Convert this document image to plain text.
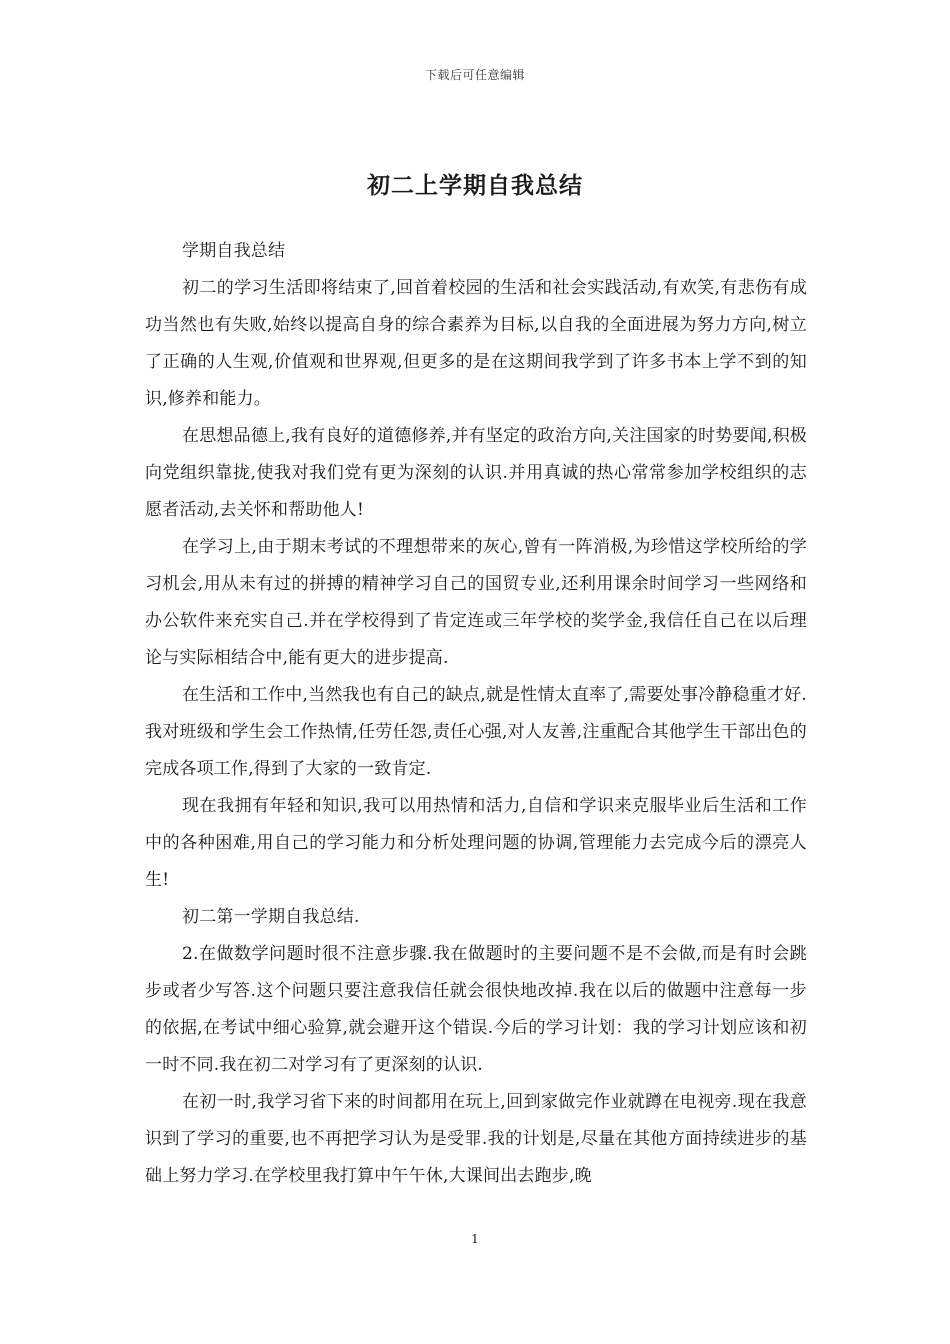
下载后可任意编辑
初二上学期自我总结

学期自我总结

初二的学习生活即将结束了,回首着校园的生活和社会实践活动,有欢笑,有悲伤有成功当然也有失败,始终以提高自身的综合素养为目标,以自我的全面进展为努力方向,树立了正确的人生观,价值观和世界观,但更多的是在这期间我学到了许多书本上学不到的知识,修养和能力。

在思想品德上,我有良好的道德修养,并有坚定的政治方向,关注国家的时势要闻,积极向党组织靠拢,使我对我们党有更为深刻的认识.并用真诚的热心常常参加学校组织的志愿者活动,去关怀和帮助他人!

在学习上,由于期末考试的不理想带来的灰心,曾有一阵消极,为珍惜这学校所给的学习机会,用从未有过的拼搏的精神学习自己的国贸专业,还利用课余时间学习一些网络和办公软件来充实自己.并在学校得到了肯定连或三年学校的奖学金,我信任自己在以后理论与实际相结合中,能有更大的进步提高.

在生活和工作中,当然我也有自己的缺点,就是性情太直率了,需要处事冷静稳重才好.我对班级和学生会工作热情,任劳任怨,责任心强,对人友善,注重配合其他学生干部出色的完成各项工作,得到了大家的一致肯定.

现在我拥有年轻和知识,我可以用热情和活力,自信和学识来克服毕业后生活和工作中的各种困难,用自己的学习能力和分析处理问题的协调,管理能力去完成今后的漂亮人生!

初二第一学期自我总结.

2.在做数学问题时很不注意步骤.我在做题时的主要问题不是不会做,而是有时会跳步或者少写答.这个问题只要注意我信任就会很快地改掉.我在以后的做题中注意每一步的依据,在考试中细心验算,就会避开这个错误.今后的学习计划：我的学习计划应该和初一时不同.我在初二对学习有了更深刻的认识.

在初一时,我学习省下来的时间都用在玩上,回到家做完作业就蹲在电视旁.现在我意识到了学习的重要,也不再把学习认为是受罪.我的计划是,尽量在其他方面持续进步的基础上努力学习.在学校里我打算中午午休,大课间出去跑步,晚

1
